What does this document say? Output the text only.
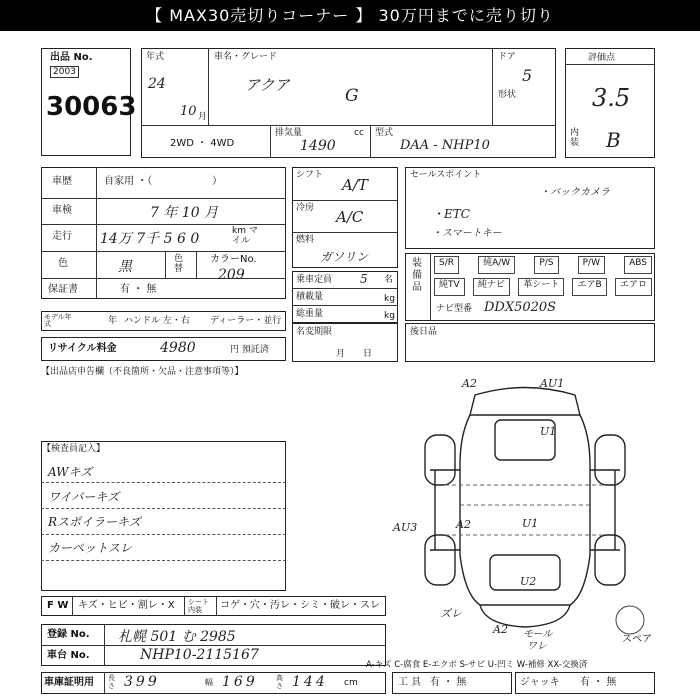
【 MAX30売切りコーナー 】 30万円までに売り切り
出品 No.
2003
30063
年式
24
10 月
車名・グレード
アクア
G
ドア
5
形状
2WD ・ 4WD
排気量	cc
1490
型式
DAA - NHP10
評価点
3.5
内装 B
車歴	自家用 ・（　　　　　　）
車検	7 年 10 月
走行 14万 7千 5 6 0	km マイル
色	黒	色替
カラーNo.
209
保証書	有 ・ 無
モデル年式	年 ハンドル 左・右 ディーラー・並行
リサイクル料金	4980	円 預託済
シフト
A/T
冷房 A/C
燃料
ガソリン
乗車定員 5 名
積載量	kg
総重量	kg
名変期限
月　　日
セールスポイント
・バックカメラ
・ETC
・スマートキー
装備品
S/R	純A/W	P/S	P/W	ABS
純TV	純ナビ	革シート	エアB	エアロ
ナビ型番 DDX5020S
後日品
【出品店申告欄（不良箇所・欠品・注意事項等）】
【検査員記入】
AWキズ
ワイパーキズ
Rスポイラーキズ
カーペットスレ
F W キズ・ヒビ・割レ・X シート内装	コゲ・穴・汚レ・シミ・破レ・スレ
登録 No. 札幌 501 む 2985
車台 No.	NHP10-2115167
車庫証明用 長さ 399	幅 169	高さ 144 cm	工 具 有 ・ 無	ジャッキ 有 ・ 無
A-キズ C-腐食 E-エクボ S-サビ U-凹ミ W-補修 XX-交換済
A2	AU1
U1
A2	U1
AU3
U2
ズレ
A2 モール
ワレ
スペア
